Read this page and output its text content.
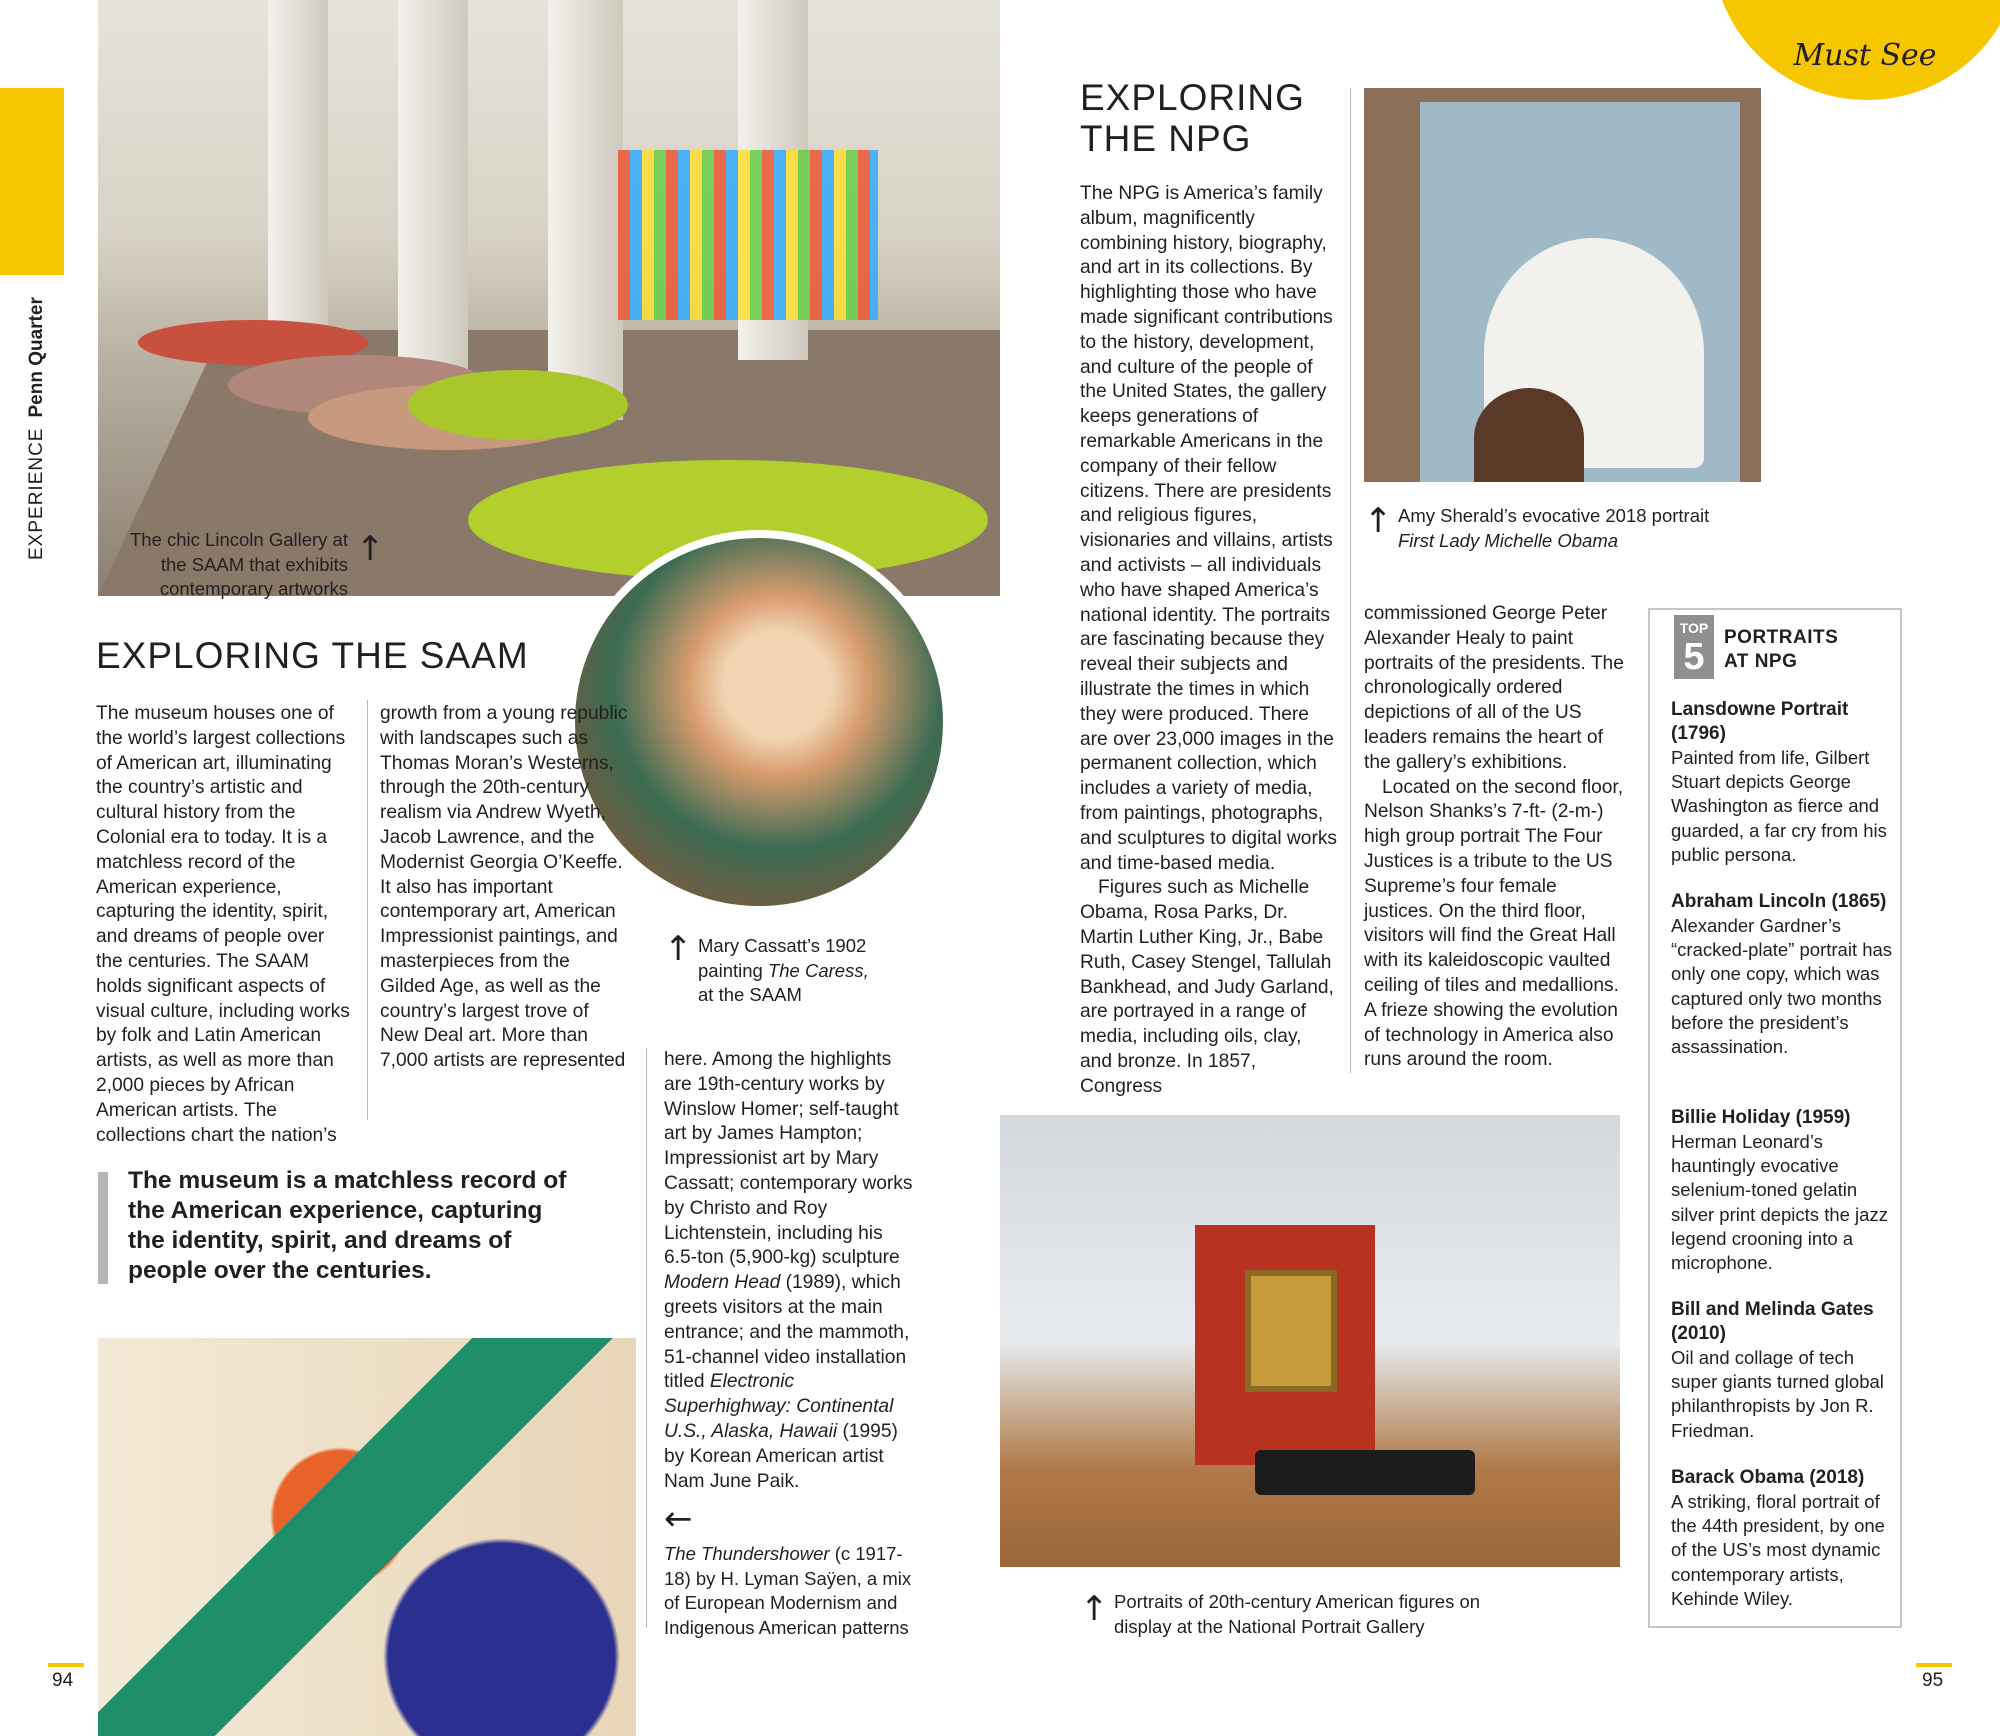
EXPERIENCEPenn Quarter
Must See
The chic Lincoln Gallery at the SAAM that exhibits contemporary artworks
↑
EXPLORING THE SAAM

The museum houses one of the world’s largest collections of American art, illuminating the country’s artistic and cultural history from the Colonial era to today. It is a matchless record of the American experience, capturing the identity, spirit, and dreams of people over the centuries. The SAAM holds significant aspects of visual culture, including works by folk and Latin American artists, as well as more than 2,000 pieces by African American artists. The collections chart the nation’s

growth from a young republic with landscapes such as Thomas Moran’s Westerns, through the 20th-century realism via Andrew Wyeth, Jacob Lawrence, and the Modernist Georgia O’Keeffe. It also has important contemporary art, American Impressionist paintings, and masterpieces from the Gilded Age, as well as the country’s largest trove of New Deal art. More than 7,000 artists are represented here. Among the highlights are 19th-century works by Winslow Homer; self-taught art by James Hampton; Impressionist art by Mary Cassatt; contemporary works by Christo and Roy Lichtenstein, including his 6.5-ton (5,900-kg) sculpture Modern Head (1989), which greets visitors at the main entrance; and the mammoth, 51-channel video installation titled Electronic Superhighway: Continental U.S., Alaska, Hawaii (1995) by Korean American artist Nam June Paik.

↑ Mary Cassatt’s 1902 painting The Caress,
at the SAAM
The museum is a matchless record of the American experience, capturing the identity, spirit, and dreams of people over the centuries.
←
The Thundershower (c 1917-18) by H. Lyman Saÿen, a mix of European Modernism and Indigenous American patterns
94
EXPLORING
THE NPG

The NPG is America’s family album, magnificently combining history, biography, and art in its collections. By highlighting those who have made significant contributions to the history, development, and culture of the people of the United States, the gallery keeps generations of remarkable Americans in the company of their fellow citizens. There are presidents and religious figures, visionaries and villains, artists and activists – all individuals who have shaped America’s national identity. The portraits are fascinating because they reveal their subjects and illustrate the times in which they were produced. There are over 23,000 images in the permanent collection, which includes a variety of media, from paintings, photographs, and sculptures to digital works and time-based media.

Figures such as Michelle Obama, Rosa Parks, Dr. Martin Luther King, Jr., Babe Ruth, Casey Stengel, Tallulah Bankhead, and Judy Garland, are portrayed in a range of media, including oils, clay, and bronze. In 1857, Congress

commissioned George Peter Alexander Healy to paint portraits of the presidents. The chronologically ordered depictions of all of the US leaders remains the heart of the gallery’s exhibitions.

Located on the second floor, Nelson Shanks’s 7-ft- (2-m-) high group portrait The Four Justices is a tribute to the US Supreme’s four female justices. On the third floor, visitors will find the Great Hall with its kaleidoscopic vaulted ceiling of tiles and medallions. A frieze showing the evolution of technology in America also runs around the room.

↑ Amy Sherald’s evocative 2018 portrait First Lady Michelle Obama
↑ Portraits of 20th-century American figures on display at the National Portrait Gallery
TOP
5	PORTRAITS
AT NPG
Lansdowne Portrait (1796)
Painted from life, Gilbert Stuart depicts George Washington as fierce and guarded, a far cry from his public persona.
Abraham Lincoln (1865)
Alexander Gardner’s “cracked-plate” portrait has only one copy, which was captured only two months before the president’s assassination.
Billie Holiday (1959)
Herman Leonard’s hauntingly evocative selenium-toned gelatin silver print depicts the jazz legend crooning into a microphone.
Bill and Melinda Gates (2010)
Oil and collage of tech super giants turned global philanthropists by Jon R. Friedman.
Barack Obama (2018)
A striking, floral portrait of the 44th president, by one of the US’s most dynamic contemporary artists, Kehinde Wiley.
95
